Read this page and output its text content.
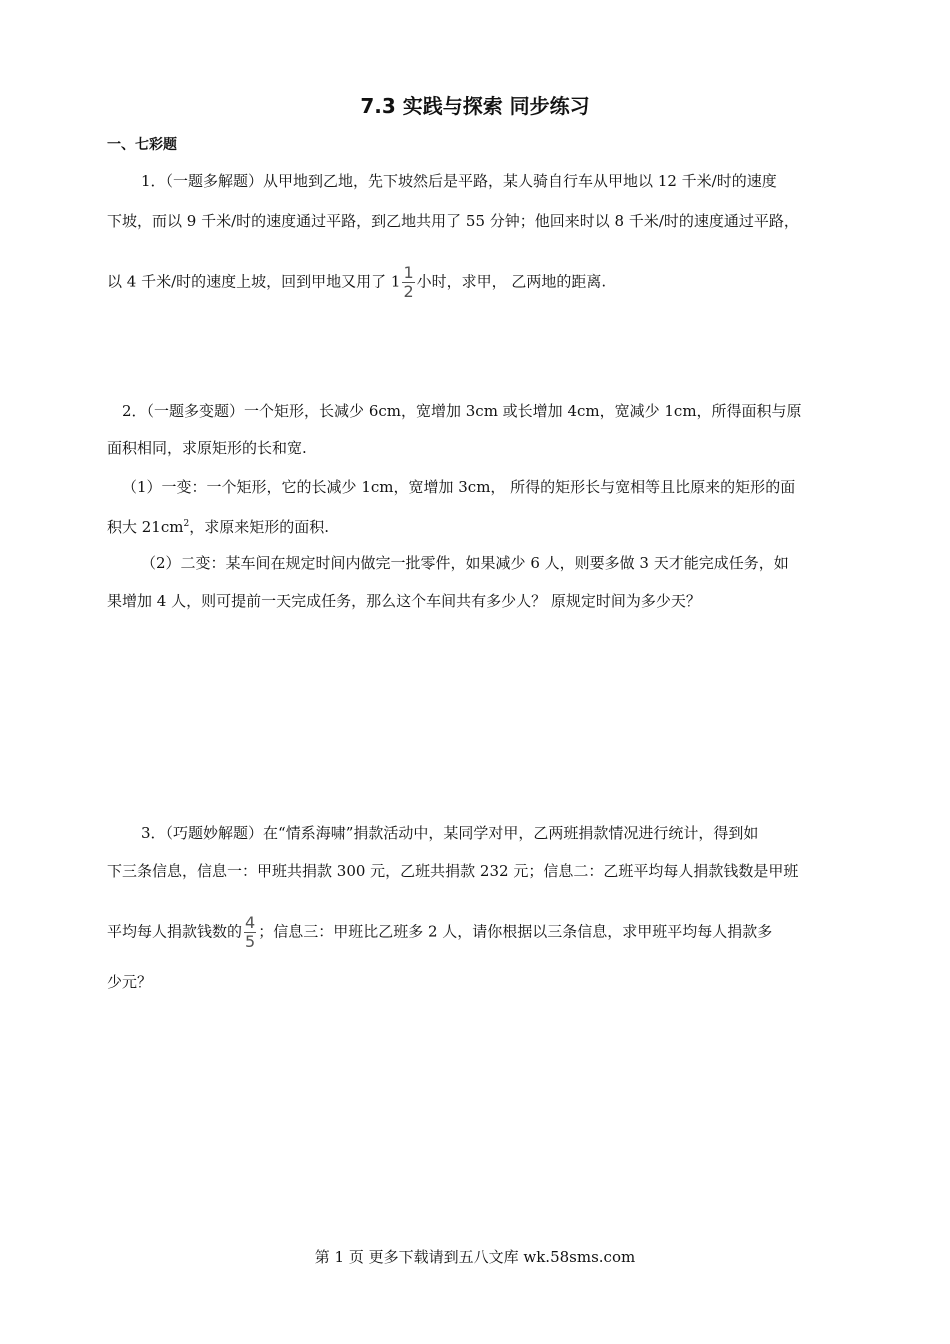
7.3 实践与探索 同步练习
一、七彩题
1．（一题多解题）从甲地到乙地，先下坡然后是平路，某人骑自行车从甲地以 12 千米/时的速度
下坡，而以 9 千米/时的速度通过平路，到乙地共用了 55 分钟；他回来时以 8 千米/时的速度通过平路，
以 4 千米/时的速度上坡，回到甲地又用了 $1 \frac{1}{2}$ 小时，求甲， 乙两地的距离.
2．（一题多变题）一个矩形，长减少 6cm，宽增加 3cm 或长增加 4cm，宽减少 1cm，所得面积与原
面积相同，求原矩形的长和宽.
（1）一变：一个矩形，它的长减少 1cm，宽增加 3cm， 所得的矩形长与宽相等且比原来的矩形的面
积大 $21cm^2$，求原来矩形的面积.
（2）二变：某车间在规定时间内做完一批零件，如果减少 6 人，则要多做 3 天才能完成任务，如
果增加 4 人，则可提前一天完成任务，那么这个车间共有多少人？ 原规定时间为多少天？
3．（巧题妙解题）在“情系海啸”捐款活动中，某同学对甲，乙两班捐款情况进行统计，得到如
下三条信息，信息一：甲班共捐款 300 元，乙班共捐款 232 元；信息二：乙班平均每人捐款钱数是甲班
平均每人捐款钱数的 $\frac{4}{5}$ ；信息三：甲班比乙班多 2 人，请你根据以三条信息，求甲班平均每人捐款多
少元？
第 1 页 更多下载请到五八文库 wk.58sms.com
